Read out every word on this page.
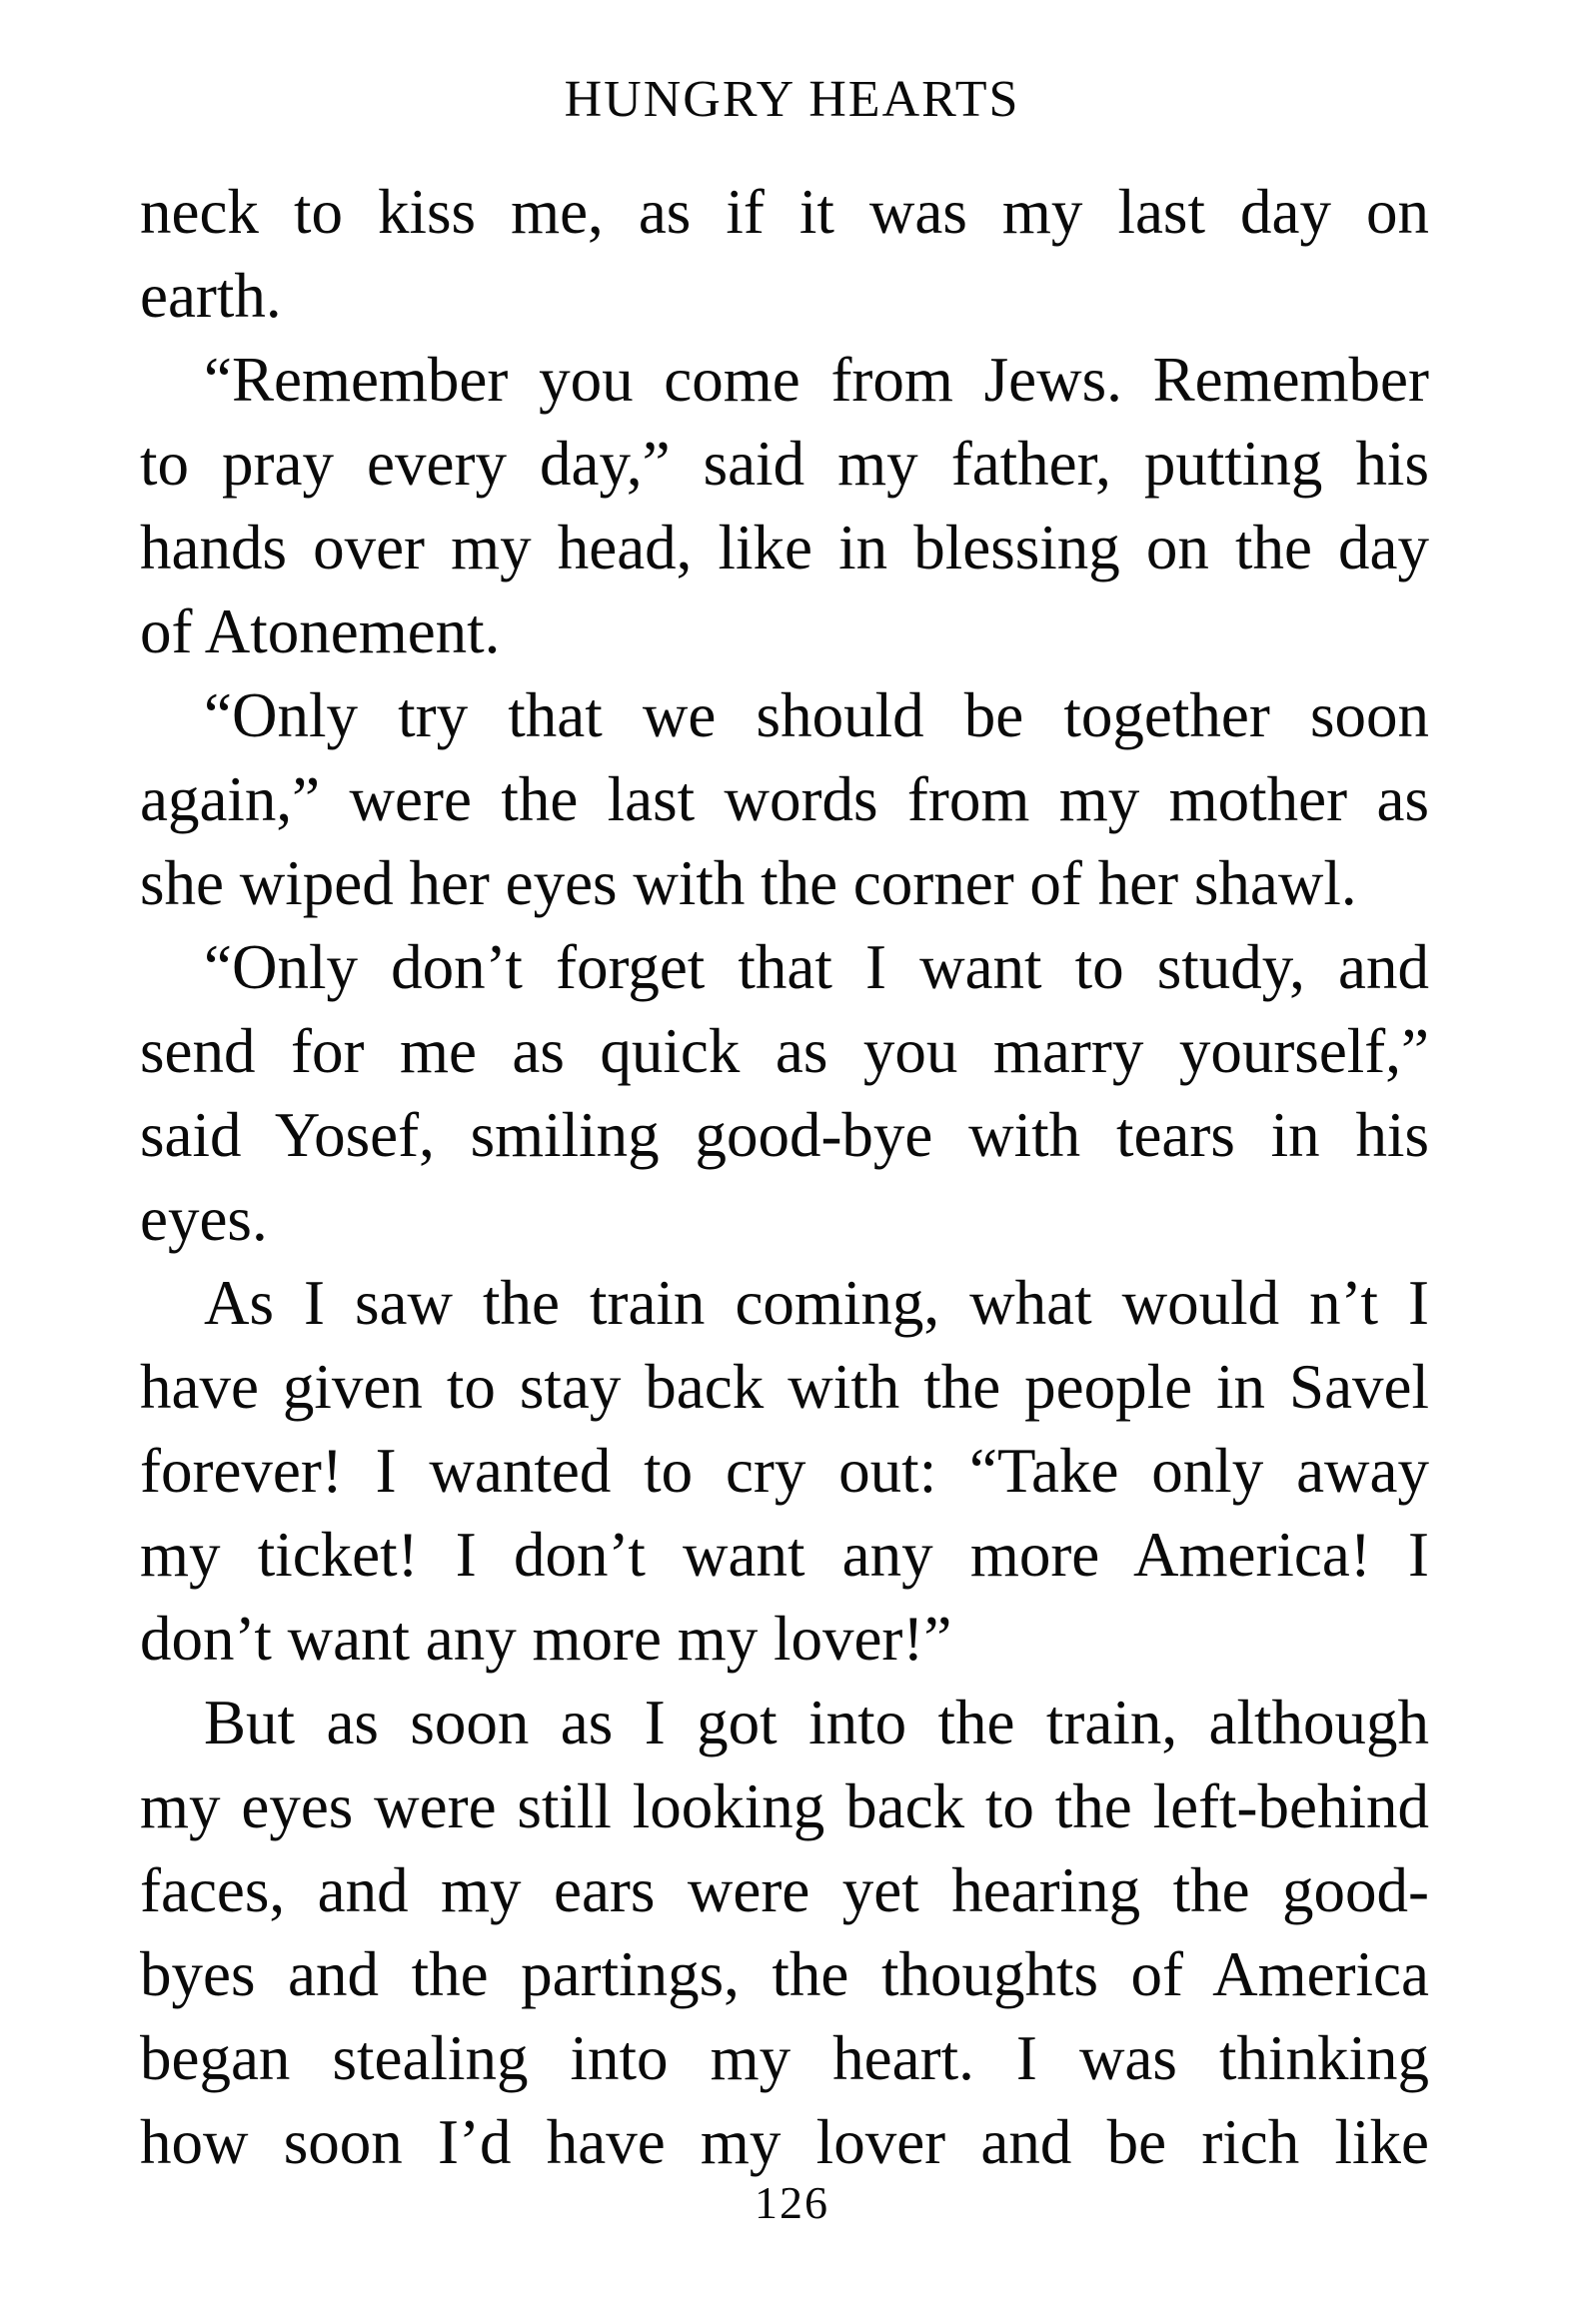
HUNGRY HEARTS
neck to kiss me, as if it was my last day on
earth.
“Remember you come from Jews. Remember
to pray every day,” said my father, putting his
hands over my head, like in blessing on the day
of Atonement.
“Only try that we should be together soon
again,” were the last words from my mother as
she wiped her eyes with the corner of her shawl.
“Only don’t forget that I want to study, and
send for me as quick as you marry yourself,”
said Yosef, smiling good-bye with tears in his
eyes.
As I saw the train coming, what would n’t I
have given to stay back with the people in Savel
forever! I wanted to cry out: “Take only away
my ticket! I don’t want any more America! I
don’t want any more my lover!”
But as soon as I got into the train, although
my eyes were still looking back to the left-behind
faces, and my ears were yet hearing the good-
byes and the partings, the thoughts of America
began stealing into my heart. I was thinking
how soon I’d have my lover and be rich like
126
